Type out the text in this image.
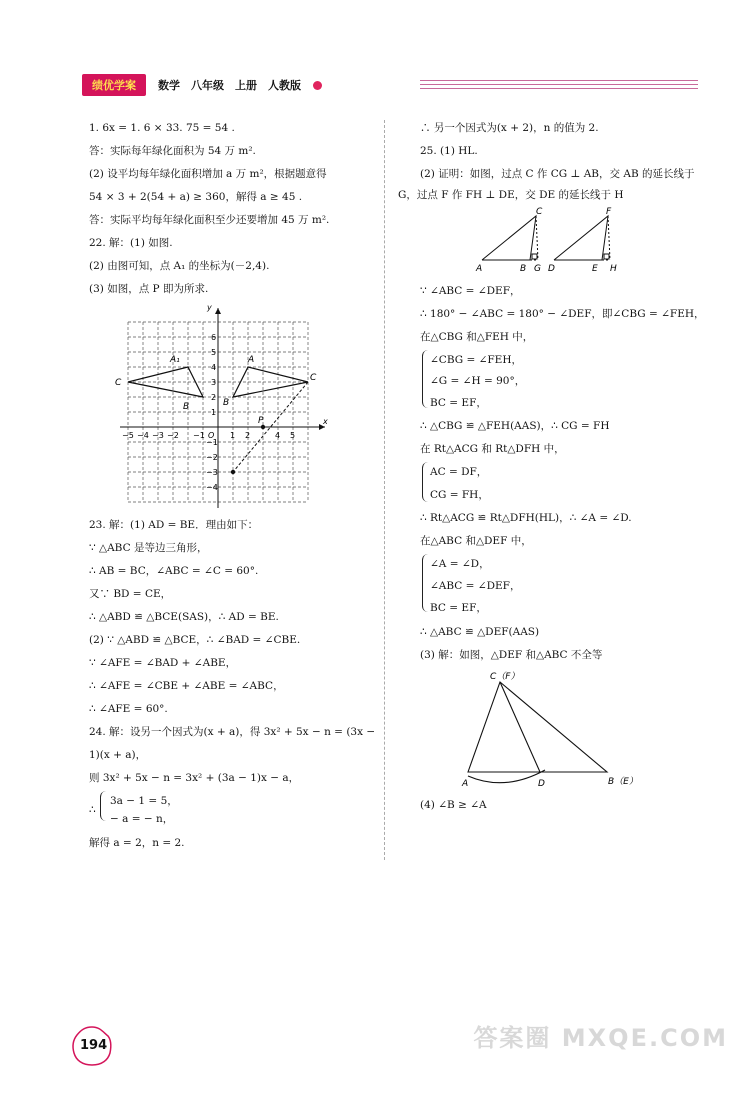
绩优学案	数学　八年级　上册　人教版
1. 6x = 1. 6 × 33. 75 = 54 .
答：实际每年绿化面积为 54 万 m².
(2) 设平均每年绿化面积增加 a 万 m²，根据题意得
54 × 3 + 2(54 + a) ≥ 360，解得 a ≥ 45 .
答：实际平均每年绿化面积至少还要增加 45 万 m².
22. 解：(1) 如图.
(2) 由图可知，点 A₁ 的坐标为(－2,4).
(3) 如图，点 P 即为所求.
x
y
O
−5 −4 −3 −2 −1	1 2	4 5
6
5
4
3
2
1
−1
−2
−3
−4
A₁
B
C
A
B
C
P
23. 解：(1) AD = BE．理由如下：
∵ △ABC 是等边三角形，
∴ AB = BC，∠ABC = ∠C = 60°.
又∵ BD = CE，
∴ △ABD ≌ △BCE(SAS)，∴ AD = BE.
(2) ∵ △ABD ≌ △BCE，∴ ∠BAD = ∠CBE.
∵ ∠AFE = ∠BAD + ∠ABE，
∴ ∠AFE = ∠CBE + ∠ABE = ∠ABC，
∴ ∠AFE = 60°.
24. 解：设另一个因式为(x + a)，得 3x² + 5x − n = (3x −
1)(x + a)，
则 3x² + 5x − n = 3x² + (3a − 1)x − a，
∴
3a − 1 = 5，
− a = − n，
解得 a = 2，n = 2.
∴ 另一个因式为(x + 2)，n 的值为 2.
25. (1) HL.
(2) 证明：如图，过点 C 作 CG ⊥ AB，交 AB 的延长线于
G，过点 F 作 FH ⊥ DE，交 DE 的延长线于 H
A	B
C
G D	E
F
H
∵ ∠ABC = ∠DEF，
∴ 180° − ∠ABC = 180° − ∠DEF，即∠CBG = ∠FEH，
在△CBG 和△FEH 中，
∠CBG = ∠FEH，
∠G = ∠H = 90°，
BC = EF，
∴ △CBG ≌ △FEH(AAS)，∴ CG = FH
在 Rt△ACG 和 Rt△DFH 中，
AC = DF，
CG = FH，
∴ Rt△ACG ≌ Rt△DFH(HL)，∴ ∠A = ∠D.
在△ABC 和△DEF 中，
∠A = ∠D，
∠ABC = ∠DEF，
BC = EF，
∴ △ABC ≌ △DEF(AAS)
(3) 解：如图，△DEF 和△ABC 不全等
C（F）
A	D	B（E）
(4) ∠B ≥ ∠A
194	答案圈 MXQE.COM
